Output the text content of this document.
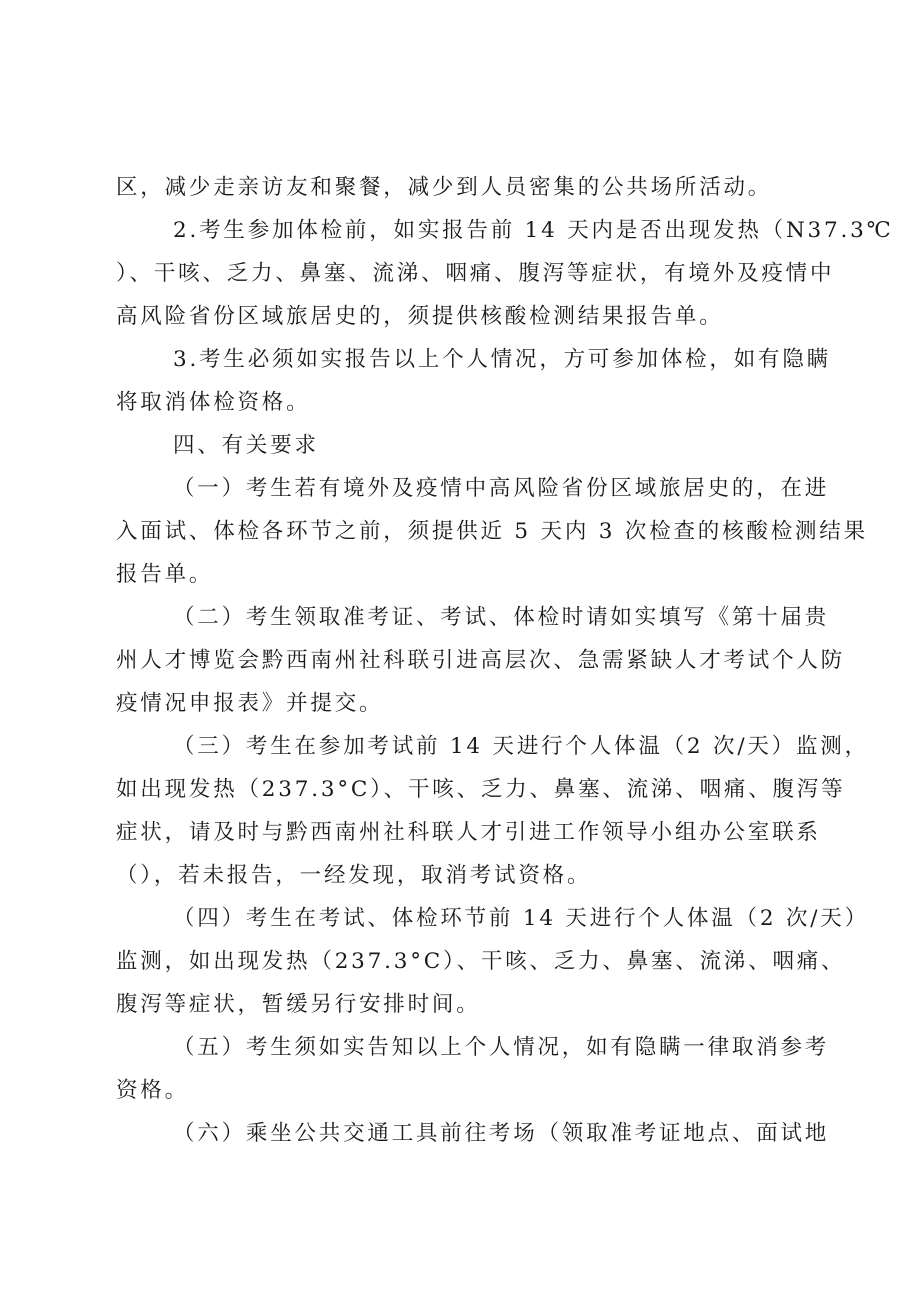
区，减少走亲访友和聚餐，减少到人员密集的公共场所活动。
2.考生参加体检前，如实报告前 14 天内是否出现发热（N37.3℃
）、干咳、乏力、鼻塞、流涕、咽痛、腹泻等症状，有境外及疫情中
高风险省份区域旅居史的，须提供核酸检测结果报告单。
3.考生必须如实报告以上个人情况，方可参加体检，如有隐瞒
将取消体检资格。
四、有关要求
（一）考生若有境外及疫情中高风险省份区域旅居史的，在进
入面试、体检各环节之前，须提供近 5 天内 3 次检查的核酸检测结果
报告单。
（二）考生领取准考证、考试、体检时请如实填写《第十届贵
州人才博览会黔西南州社科联引进高层次、急需紧缺人才考试个人防
疫情况申报表》并提交。
（三）考生在参加考试前 14 天进行个人体温（2 次/天）监测，
如出现发热（237.3°C）、干咳、乏力、鼻塞、流涕、咽痛、腹泻等
症状，请及时与黔西南州社科联人才引进工作领导小组办公室联系
（），若未报告，一经发现，取消考试资格。
（四）考生在考试、体检环节前 14 天进行个人体温（2 次/天）
监测，如出现发热（237.3°C）、干咳、乏力、鼻塞、流涕、咽痛、
腹泻等症状，暂缓另行安排时间。
（五）考生须如实告知以上个人情况，如有隐瞒一律取消参考
资格。
（六）乘坐公共交通工具前往考场（领取准考证地点、面试地
